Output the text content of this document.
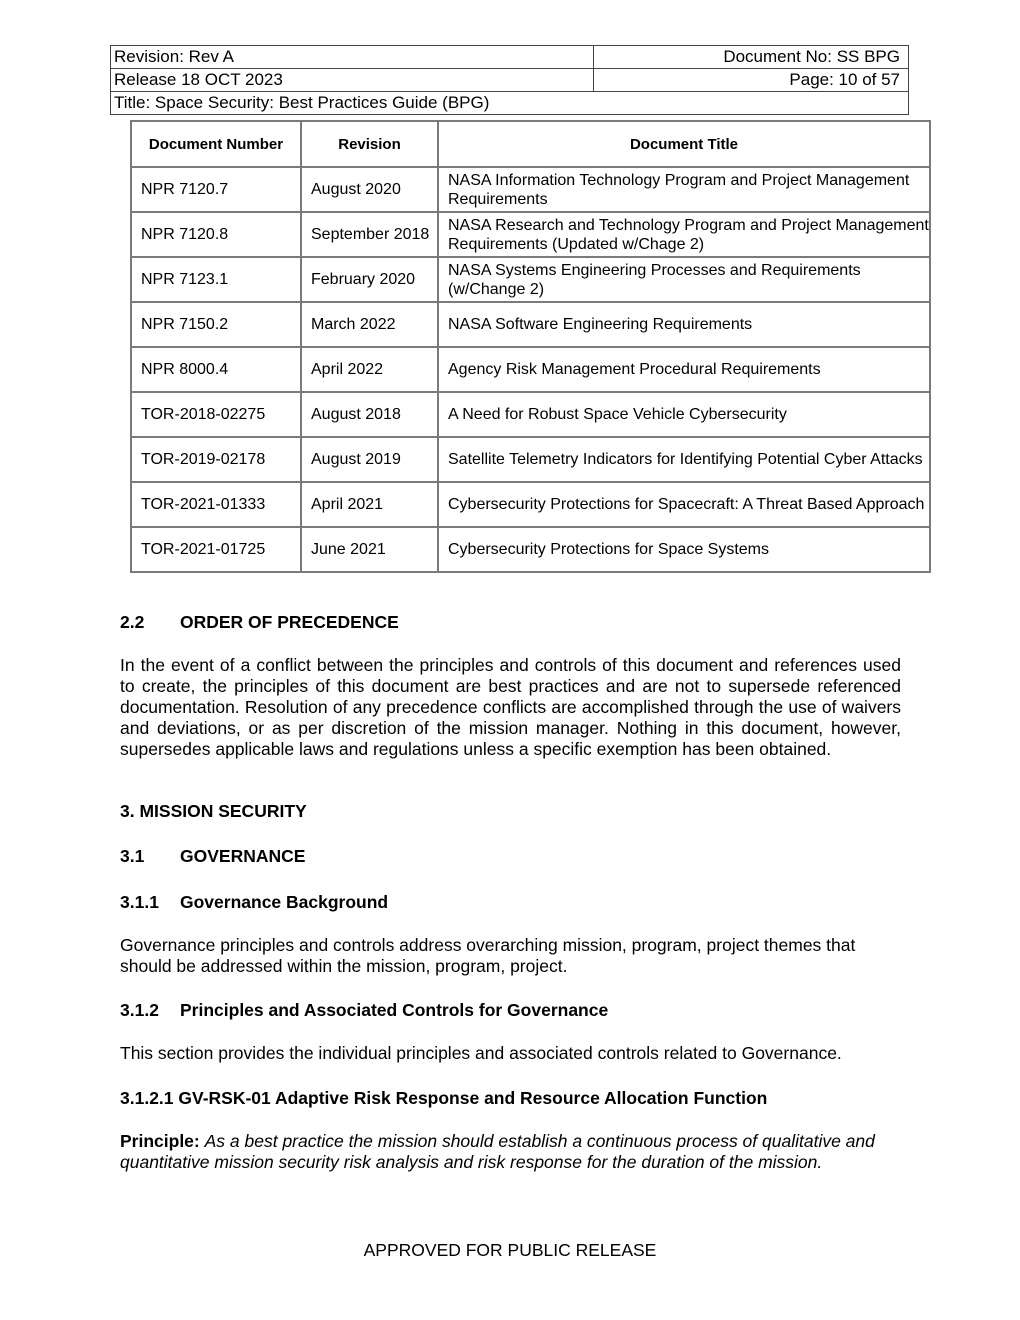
Revision: Rev A	Document No: SS BPG
Release 18 OCT 2023	Page: 10 of 57
Title: Space Security: Best Practices Guide (BPG)	
Document Number	Revision	Document Title
NPR 7120.7	August 2020	NASA Information Technology Program and Project Management Requirements
NPR 7120.8	September 2018	NASA Research and Technology Program and Project Management Requirements (Updated w/Chage 2)
NPR 7123.1	February 2020	NASA Systems Engineering Processes and Requirements (w/Change 2)
NPR 7150.2	March 2022	NASA Software Engineering Requirements
NPR 8000.4	April 2022	Agency Risk Management Procedural Requirements
TOR-2018-02275	August 2018	A Need for Robust Space Vehicle Cybersecurity
TOR-2019-02178	August 2019	Satellite Telemetry Indicators for Identifying Potential Cyber Attacks
TOR-2021-01333	April 2021	Cybersecurity Protections for Spacecraft: A Threat Based Approach
TOR-2021-01725	June 2021	Cybersecurity Protections for Space Systems
2.2 ORDER OF PRECEDENCE
In the event of a conflict between the principles and controls of this document and references used to create, the principles of this document are best practices and are not to supersede referenced documentation. Resolution of any precedence conflicts are accomplished through the use of waivers and deviations, or as per discretion of the mission manager. Nothing in this document, however, supersedes applicable laws and regulations unless a specific exemption has been obtained.
3. MISSION SECURITY
3.1 GOVERNANCE
3.1.1 Governance Background
Governance principles and controls address overarching mission, program, project themes that should be addressed within the mission, program, project.
3.1.2 Principles and Associated Controls for Governance
This section provides the individual principles and associated controls related to Governance.
3.1.2.1 GV-RSK-01 Adaptive Risk Response and Resource Allocation Function
Principle: As a best practice the mission should establish a continuous process of qualitative and quantitative mission security risk analysis and risk response for the duration of the mission.
APPROVED FOR PUBLIC RELEASE
